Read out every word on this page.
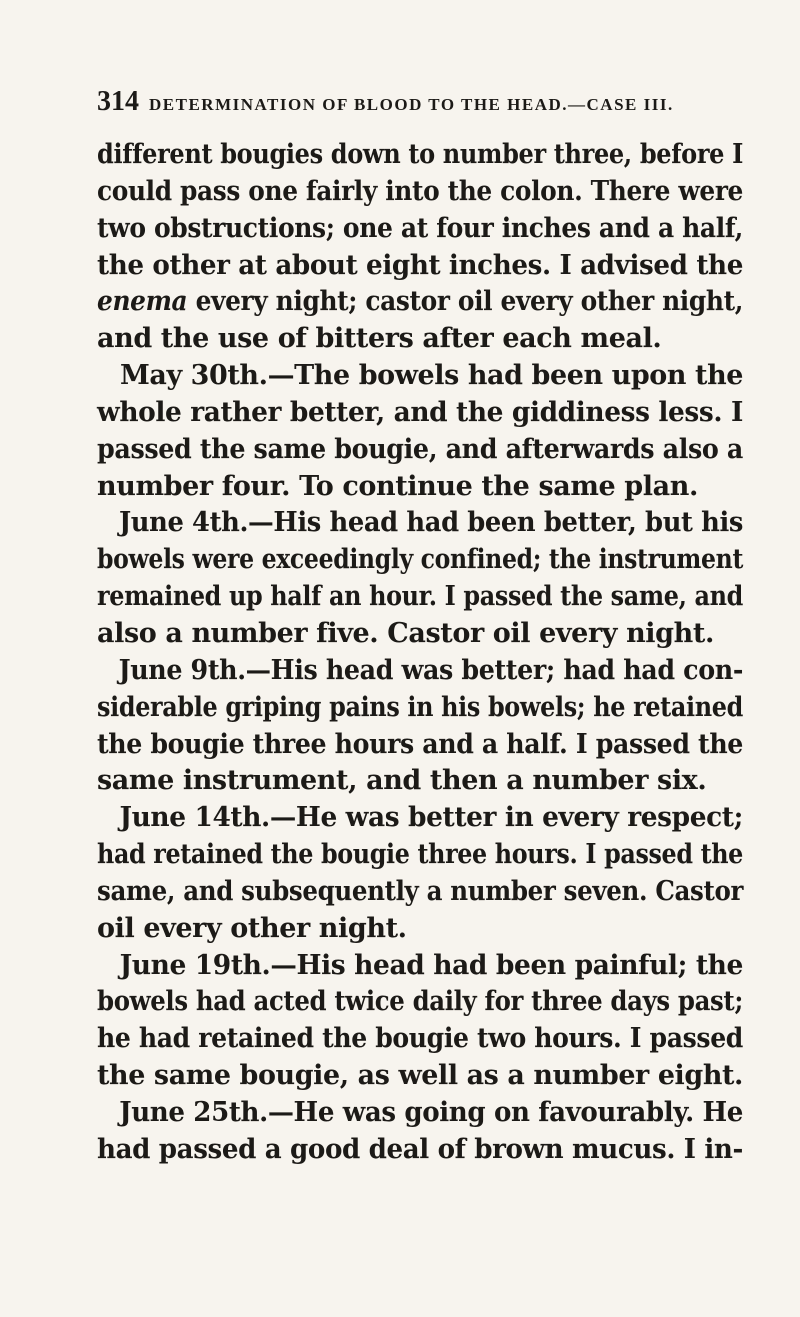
314 DETERMINATION OF BLOOD TO THE HEAD.—CASE III.
different bougies down to number three, before I
could pass one fairly into the colon. There were
two obstructions; one at four inches and a half,
the other at about eight inches. I advised the
enema every night; castor oil every other night,
and the use of bitters after each meal.
May 30th.—The bowels had been upon the
whole rather better, and the giddiness less. I
passed the same bougie, and afterwards also a
number four. To continue the same plan.
June 4th.—His head had been better, but his
bowels were exceedingly confined; the instrument
remained up half an hour. I passed the same, and
also a number five. Castor oil every night.
June 9th.—His head was better; had had con-
siderable griping pains in his bowels; he retained
the bougie three hours and a half. I passed the
same instrument, and then a number six.
June 14th.—He was better in every respect;
had retained the bougie three hours. I passed the
same, and subsequently a number seven. Castor
oil every other night.
June 19th.—His head had been painful; the
bowels had acted twice daily for three days past;
he had retained the bougie two hours. I passed
the same bougie, as well as a number eight.
June 25th.—He was going on favourably. He
had passed a good deal of brown mucus. I in-
